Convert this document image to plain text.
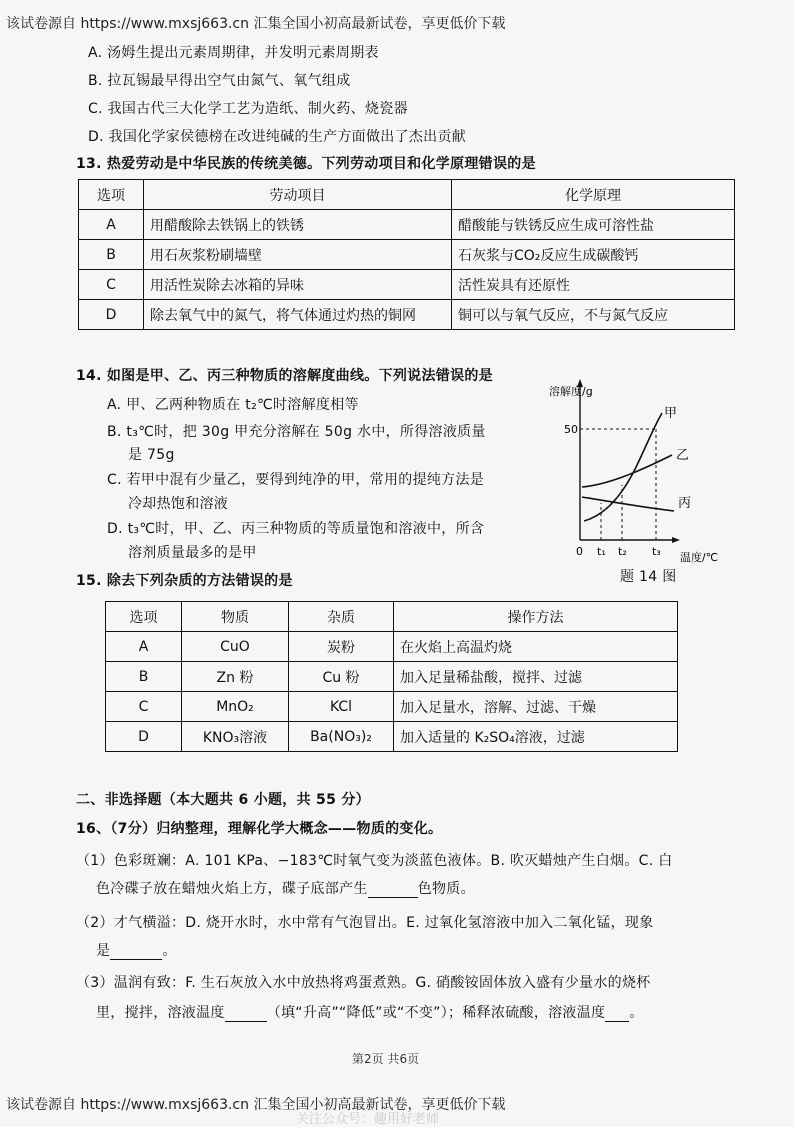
该试卷源自 https://www.mxsj663.cn 汇集全国小初高最新试卷，享更低价下载
A. 汤姆生提出元素周期律，并发明元素周期表
B. 拉瓦锡最早得出空气由氮气、氧气组成
C. 我国古代三大化学工艺为造纸、制火药、烧瓷器
D. 我国化学家侯德榜在改进纯碱的生产方面做出了杰出贡献
13. 热爱劳动是中华民族的传统美德。下列劳动项目和化学原理错误的是
选项	劳动项目	化学原理
A	用醋酸除去铁锅上的铁锈	醋酸能与铁锈反应生成可溶性盐
B	用石灰浆粉刷墙壁	石灰浆与CO₂反应生成碳酸钙
C	用活性炭除去冰箱的异味	活性炭具有还原性
D	除去氧气中的氮气，将气体通过灼热的铜网	铜可以与氧气反应，不与氮气反应
14. 如图是甲、乙、丙三种物质的溶解度曲线。下列说法错误的是
A. 甲、乙两种物质在 t₂℃时溶解度相等
B. t₃℃时，把 30g 甲充分溶解在 50g 水中，所得溶液质量
是 75g
C. 若甲中混有少量乙，要得到纯净的甲，常用的提纯方法是
冷却热饱和溶液
D. t₃℃时，甲、乙、丙三种物质的等质量饱和溶液中，所含
溶剂质量最多的是甲
溶解度/g
50
0 t₁ t₂ t₃ 温度/℃
甲
乙
丙
题 14 图
15. 除去下列杂质的方法错误的是
选项	物质	杂质	操作方法
A	CuO	炭粉	在火焰上高温灼烧
B	Zn 粉	Cu 粉	加入足量稀盐酸，搅拌、过滤
C	MnO₂	KCl	加入足量水，溶解、过滤、干燥
D	KNO₃溶液	Ba(NO₃)₂	加入适量的 K₂SO₄溶液，过滤
二、非选择题（本大题共 6 小题，共 55 分）
16、（7分）归纳整理，理解化学大概念——物质的变化。
（1）色彩斑斓：A. 101 KPa、−183℃时氧气变为淡蓝色液体。B. 吹灭蜡烛产生白烟。C. 白
色冷碟子放在蜡烛火焰上方，碟子底部产生	色物质。
（2）才气横溢：D. 烧开水时，水中常有气泡冒出。E. 过氧化氢溶液中加入二氧化锰，现象
是	。
（3）温润有致：F. 生石灰放入水中放热将鸡蛋煮熟。G. 硝酸铵固体放入盛有少量水的烧杯
里，搅拌，溶液温度	（填“升高”“降低”或“不变”）；稀释浓硫酸，溶液温度 。
第2页 共6页
该试卷源自 https://www.mxsj663.cn 汇集全国小初高最新试卷，享更低价下载
关注公众号：趣用好老师
